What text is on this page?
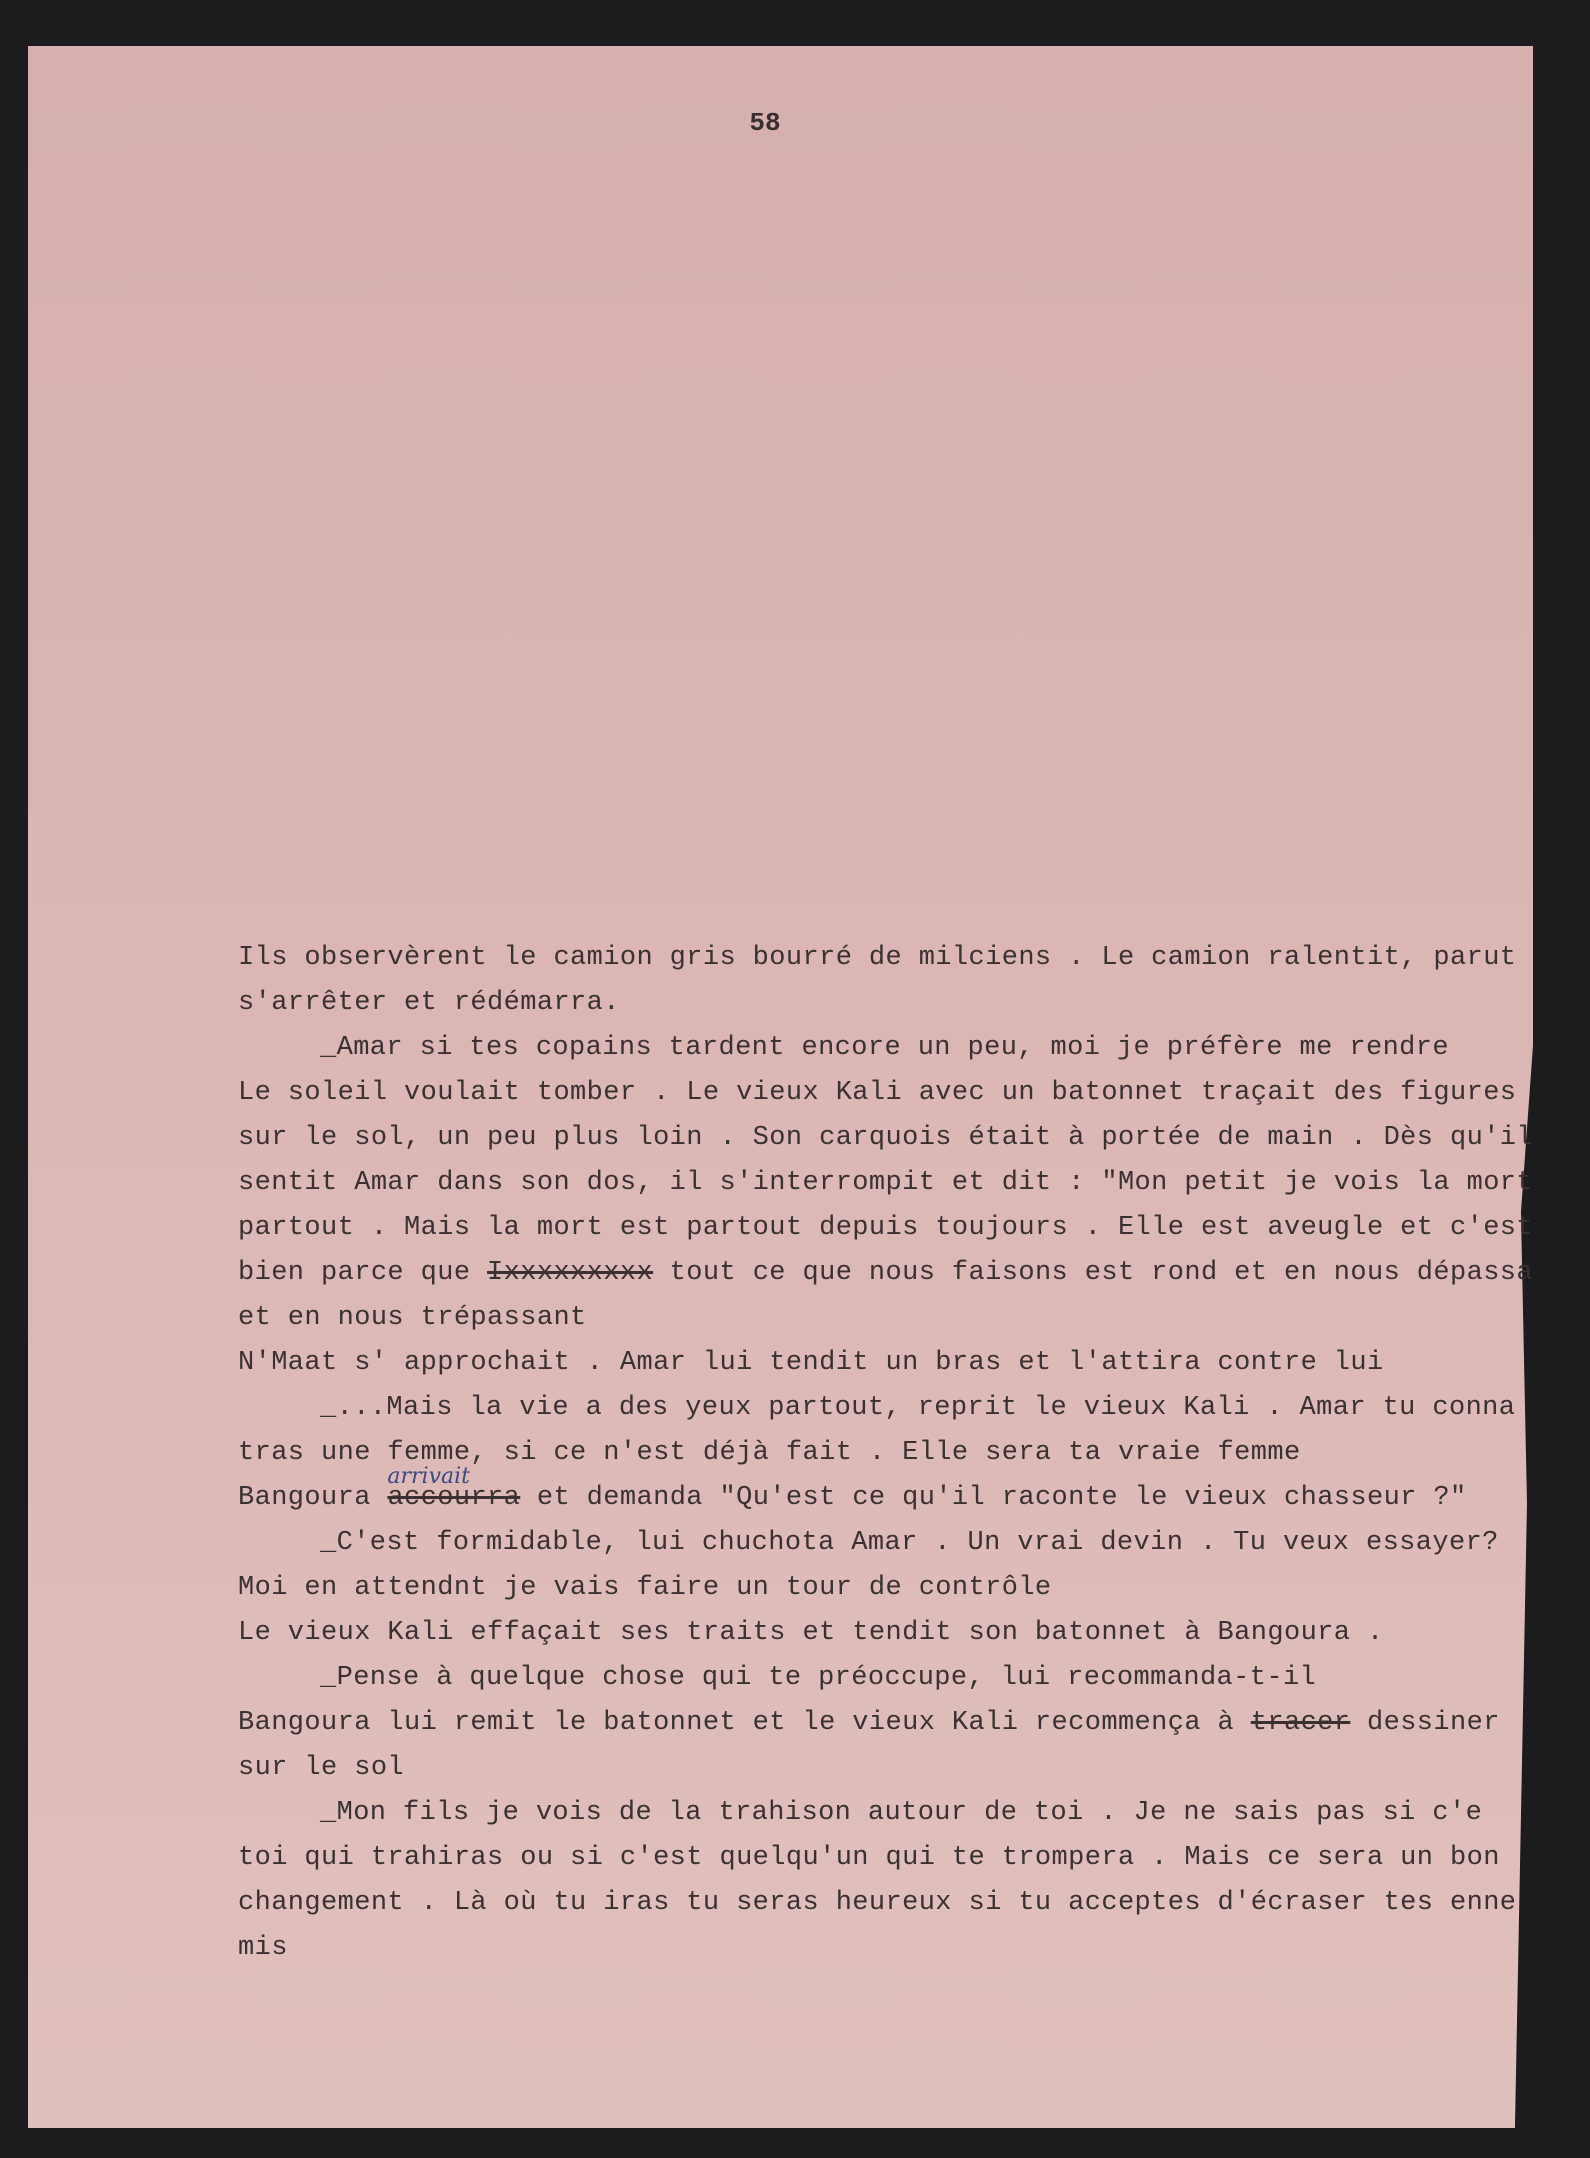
58
Ils observèrent le camion gris bourré de milciens . Le camion ralentit, parut
s'arrêter et rédémarra.
_Amar si tes copains tardent encore un peu, moi je préfère me rendre
Le soleil voulait tomber . Le vieux Kali avec un batonnet traçait des figures
sur le sol, un peu plus loin . Son carquois était à portée de main . Dès qu'il
sentit Amar dans son dos, il s'interrompit et dit : "Mon petit je vois la mort
partout . Mais la mort est partout depuis toujours . Elle est aveugle et c'est
bien parce que Ixxxxxxxxx tout ce que nous faisons est rond et en nous dépassa
et en nous trépassant
N'Maat s' approchait . Amar lui tendit un bras et l'attira contre lui
_...Mais la vie a des yeux partout, reprit le vieux Kali . Amar tu conna
tras une femme, si ce n'est déjà fait . Elle sera ta vraie femme
Bangoura accourra
arrivait
et demanda "Qu'est ce qu'il raconte le vieux chasseur ?"
_C'est formidable, lui chuchota Amar . Un vrai devin . Tu veux essayer?
Moi en attendnt je vais faire un tour de contrôle
Le vieux Kali effaçait ses traits et tendit son batonnet à Bangoura .
_Pense à quelque chose qui te préoccupe, lui recommanda-t-il
Bangoura lui remit le batonnet et le vieux Kali recommença à tracer dessiner
sur le sol
_Mon fils je vois de la trahison autour de toi . Je ne sais pas si c'e
toi qui trahiras ou si c'est quelqu'un qui te trompera . Mais ce sera un bon
changement . Là où tu iras tu seras heureux si tu acceptes d'écraser tes enne
mis
